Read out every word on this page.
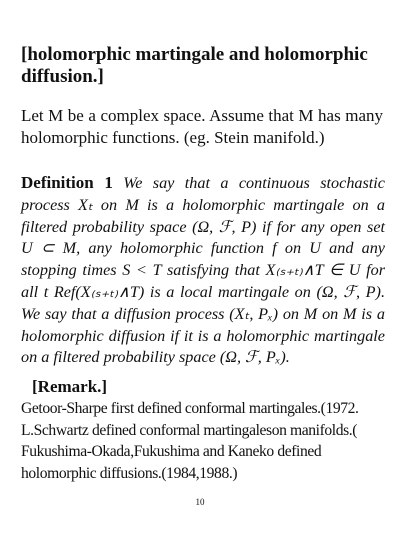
[holomorphic martingale and holomorphic diffusion.]
Let M be a complex space. Assume that M has many holomorphic functions. (eg. Stein manifold.)
Definition 1 We say that a continuous stochastic process Xₜ on M is a holomorphic martingale on a filtered probability space (Ω, ℱ, P) if for any open set U ⊂ M, any holomorphic function f on U and any stopping times S < T satisfying that X₍ₛ₊ₜ₎∧T ∈ U for all t Ref(X₍ₛ₊ₜ₎∧T) is a local martingale on (Ω, ℱ, P). We say that a diffusion process (Xₜ, Pₓ) on M on M is a holomorphic diffusion if it is a holomorphic martingale on a filtered probability space (Ω, ℱ, Pₓ).
[Remark.]
Getoor-Sharpe first defined conformal martingales.(1972. L.Schwartz defined conformal martingaleson manifolds.( Fukushima-Okada,Fukushima and Kaneko defined holomorphic diffusions.(1984,1988.)
10
